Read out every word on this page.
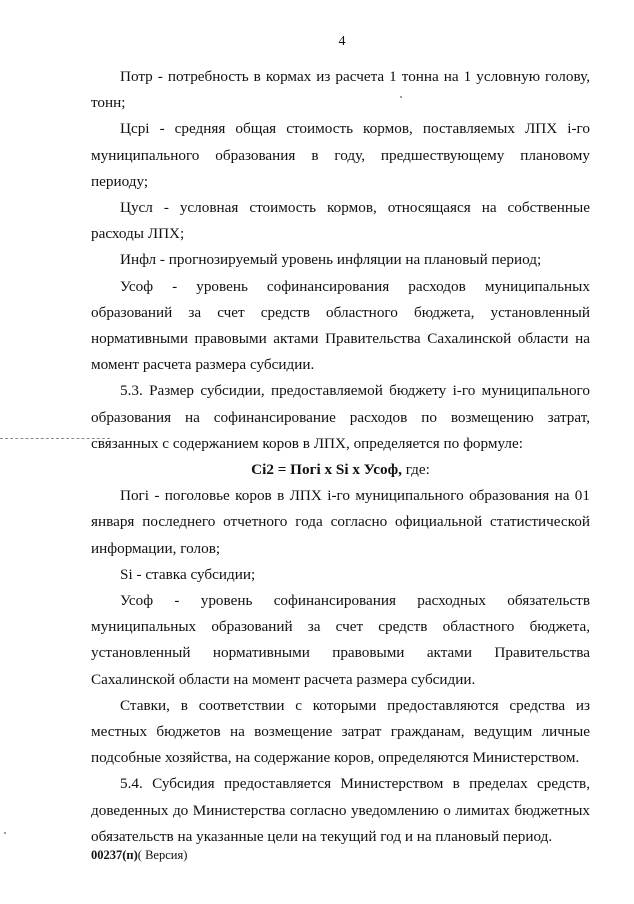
4

Потр - потребность в кормах из расчета 1 тонна на 1 условную голову, тонн;

Цсрi - средняя общая стоимость кормов, поставляемых ЛПХ i-го муниципального образования в году, предшествующему плановому периоду;

Цусл - условная стоимость кормов, относящаяся на собственные расходы ЛПХ;

Инфл - прогнозируемый уровень инфляции на плановый период;

Усоф - уровень софинансирования расходов муниципальных образований за счет средств областного бюджета, установленный нормативными правовыми актами Правительства Сахалинской области на момент расчета размера субсидии.

5.3. Размер субсидии, предоставляемой бюджету i-го муниципального образования на софинансирование расходов по возмещению затрат, связанных с содержанием коров в ЛПХ, определяется по формуле:

Ci2 = Пoгi x Si x Усоф, где:

Погi - поголовье коров в ЛПХ i-го муниципального образования на 01 января последнего отчетного года согласно официальной статистической информации, голов;

Si - ставка субсидии;

Усоф - уровень софинансирования расходных обязательств муниципальных образований за счет средств областного бюджета, установленный нормативными правовыми актами Правительства Сахалинской области на момент расчета размера субсидии.

Ставки, в соответствии с которыми предоставляются средства из местных бюджетов на возмещение затрат гражданам, ведущим личные подсобные хозяйства, на содержание коров, определяются Министерством.

5.4. Субсидия предоставляется Министерством в пределах средств, доведенных до Министерства согласно уведомлению о лимитах бюджетных обязательств на указанные цели на текущий год и на плановый период.

00237(п)( Версия)
